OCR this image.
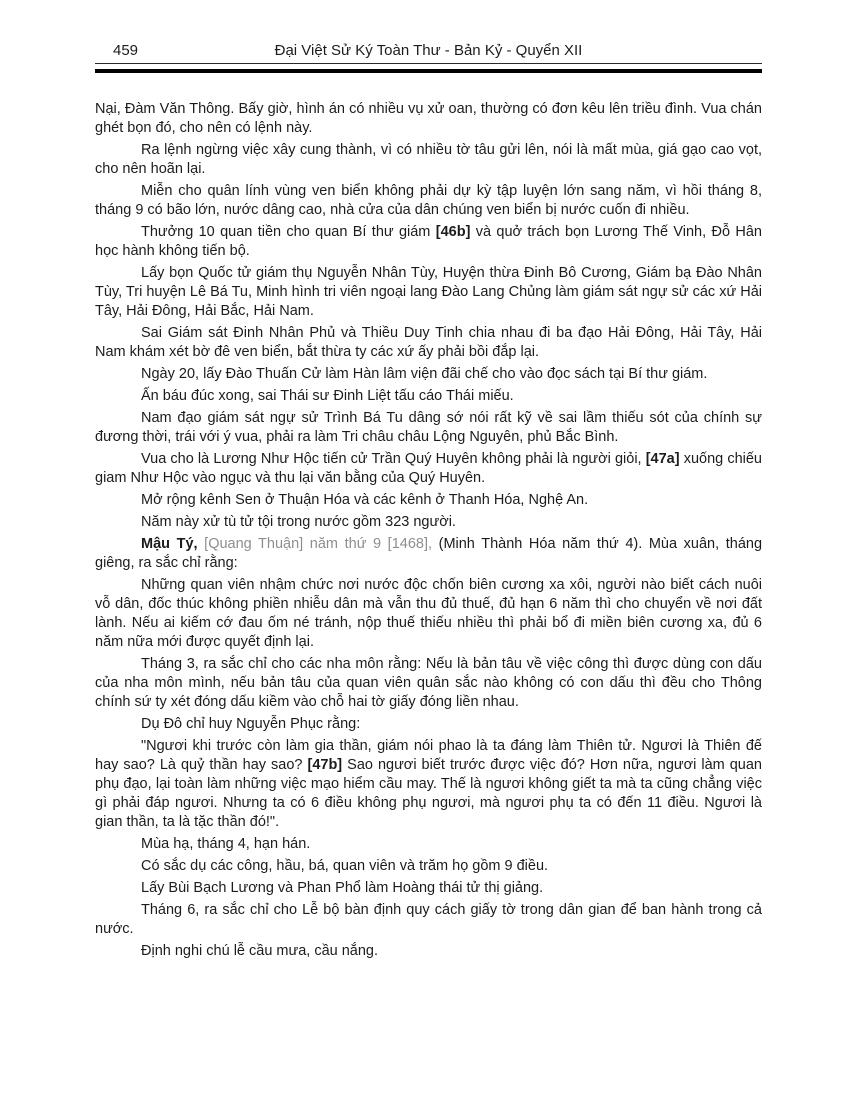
459	Đại Việt Sử Ký Toàn Thư - Bản Kỷ - Quyển XII

Nại, Đàm Văn Thông. Bấy giờ, hình án có nhiều vụ xử oan, thường có đơn kêu lên triều đình. Vua chán ghét bọn đó, cho nên có lệnh này.

Ra lệnh ngừng việc xây cung thành, vì có nhiều tờ tâu gửi lên, nói là mất mùa, giá gạo cao vọt, cho nên hoãn lại.

Miễn cho quân lính vùng ven biển không phải dự kỳ tập luyện lớn sang năm, vì hồi tháng 8, tháng 9 có bão lớn, nước dâng cao, nhà cửa của dân chúng ven biển bị nước cuốn đi nhiều.

Thưởng 10 quan tiền cho quan Bí thư giám [46b] và quở trách bọn Lương Thế Vinh, Đỗ Hân học hành không tiến bộ.

Lấy bọn Quốc tử giám thụ Nguyễn Nhân Tùy, Huyện thừa Đinh Bô Cương, Giám bạ Đào Nhân Tùy, Tri huyện Lê Bá Tu, Minh hình tri viên ngoại lang Đào Lang Chủng làm giám sát ngự sử các xứ Hải Tây, Hải Đông, Hải Bắc, Hải Nam.

Sai Giám sát Đinh Nhân Phủ và Thiều Duy Tinh chia nhau đi ba đạo Hải Đông, Hải Tây, Hải Nam khám xét bờ đê ven biển, bắt thừa ty các xứ ấy phải bồi đắp lại.

Ngày 20, lấy Đào Thuấn Cử làm Hàn lâm viện đãi chế cho vào đọc sách tại Bí thư giám.

Ấn báu đúc xong, sai Thái sư Đinh Liệt tấu cáo Thái miếu.

Nam đạo giám sát ngự sử Trình Bá Tu dâng sớ nói rất kỹ về sai lầm thiếu sót của chính sự đương thời, trái với ý vua, phải ra làm Tri châu châu Lộng Nguyên, phủ Bắc Bình.

Vua cho là Lương Như Hộc tiến cử Trần Quý Huyên không phải là người giỏi, [47a] xuống chiếu giam Như Hộc vào ngục và thu lại văn bằng của Quý Huyên.

Mở rộng kênh Sen ở Thuận Hóa và các kênh ở Thanh Hóa, Nghệ An.

Năm này xử tù tử tội trong nước gồm 323 người.

Mậu Tý, [Quang Thuận] năm thứ 9 [1468], (Minh Thành Hóa năm thứ 4). Mùa xuân, tháng giêng, ra sắc chỉ rằng:

Những quan viên nhậm chức nơi nước độc chốn biên cương xa xôi, người nào biết cách nuôi vỗ dân, đốc thúc không phiền nhiễu dân mà vẫn thu đủ thuế, đủ hạn 6 năm thì cho chuyển về nơi đất lành. Nếu ai kiếm cớ đau ốm né tránh, nộp thuế thiếu nhiều thì phải bổ đi miền biên cương xa, đủ 6 năm nữa mới được quyết định lại.

Tháng 3, ra sắc chỉ cho các nha môn rằng: Nếu là bản tâu về việc công thì được dùng con dấu của nha môn mình, nếu bản tâu của quan viên quân sắc nào không có con dấu thì đều cho Thông chính sứ ty xét đóng dấu kiềm vào chỗ hai tờ giấy đóng liền nhau.

Dụ Đô chỉ huy Nguyễn Phục rằng:

"Ngươi khi trước còn làm gia thần, giám nói phao là ta đáng làm Thiên tử. Ngươi là Thiên đế hay sao? Là quỷ thần hay sao? [47b] Sao ngươi biết trước được việc đó? Hơn nữa, ngươi làm quan phụ đạo, lại toàn làm những việc mạo hiểm cầu may. Thế là ngươi không giết ta mà ta cũng chẳng việc gì phải đáp ngươi. Nhưng ta có 6 điều không phụ ngươi, mà ngươi phụ ta có đến 11 điều. Ngươi là gian thần, ta là tặc thần đó!".

Mùa hạ, tháng 4, hạn hán.

Có sắc dụ các công, hầu, bá, quan viên và trăm họ gồm 9 điều.

Lấy Bùi Bạch Lương và Phan Phổ làm Hoàng thái tử thị giảng.

Tháng 6, ra sắc chỉ cho Lễ bộ bàn định quy cách giấy tờ trong dân gian để ban hành trong cả nước.

Định nghi chú lễ cầu mưa, cầu nắng.
